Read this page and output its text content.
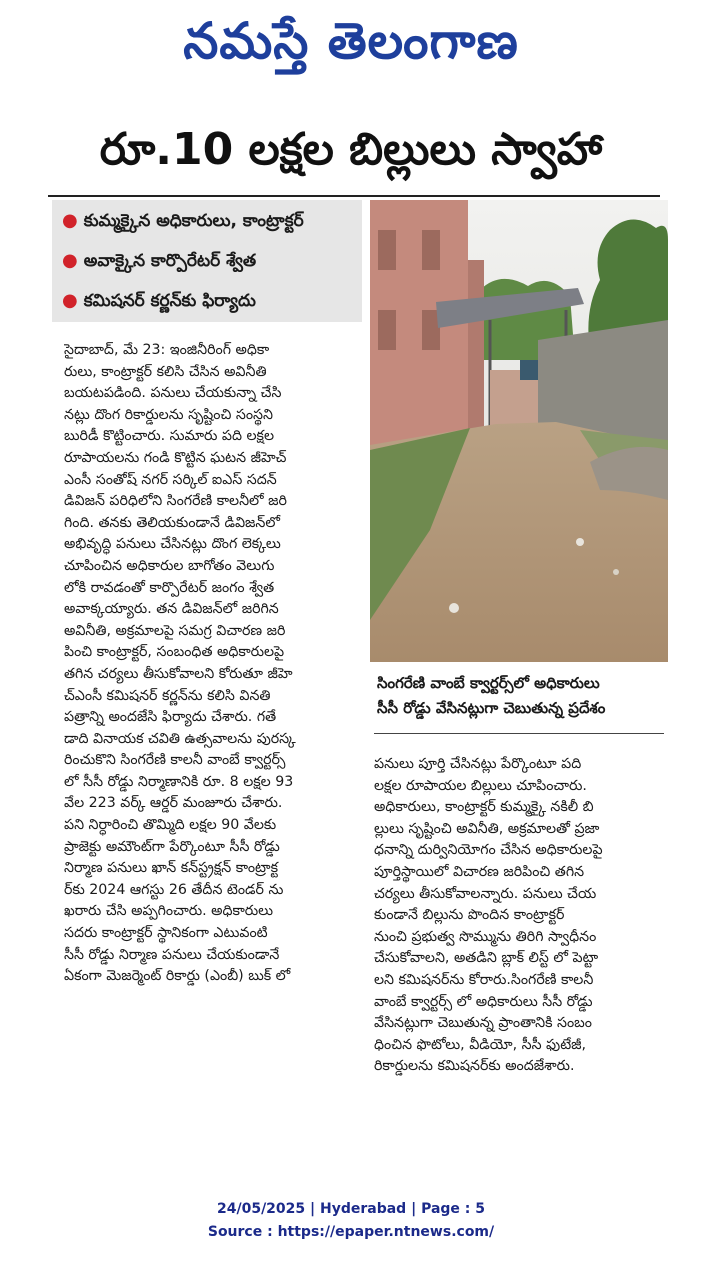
నమస్తే తెలంగాణ
రూ.10 లక్షల బిల్లులు స్వాహా
● కుమ్మక్కైన అధికారులు, కాంట్రాక్టర్
● అవాక్కైన కార్పొరేటర్ శ్వేత
● కమిషనర్ కర్ణన్‌కు ఫిర్యాదు
సింగరేణి వాంబే క్వార్టర్స్‌లో అధికారులు
సీసీ రోడ్డు వేసినట్లుగా చెబుతున్న ప్రదేశం
సైదాబాద్, మే 23: ఇంజినీరింగ్ అధికా
రులు, కాంట్రాక్టర్ కలిసి చేసిన అవినీతి
బయటపడింది. పనులు చేయకున్నా చేసి
నట్లు దొంగ రికార్డులను సృష్టించి సంస్థని
బురిడీ కొట్టించారు. సుమారు పది లక్షల
రూపాయలను గండి కొట్టిన ఘటన జీహెచ్
ఎంసీ సంతోష్ నగర్ సర్కిల్ ఐఎస్ సదన్
డివిజన్ పరిధిలోని సింగరేణి కాలనీలో జరి
గింది. తనకు తెలియకుండానే డివిజన్‌లో
అభివృద్ధి పనులు చేసినట్లు దొంగ లెక్కలు
చూపించిన అధికారుల బాగోతం వెలుగు
లోకి రావడంతో కార్పొరేటర్ జంగం శ్వేత
అవాక్కయ్యారు. తన డివిజన్‌లో జరిగిన
అవినీతి, అక్రమాలపై సమగ్ర విచారణ జరి
పించి కాంట్రాక్టర్, సంబంధిత అధికారులపై
తగిన చర్యలు తీసుకోవాలని కోరుతూ జీహె
చ్‌ఎంసీ కమిషనర్ కర్ణన్‌ను కలిసి వినతి
పత్రాన్ని అందజేసి ఫిర్యాదు చేశారు. గతే
డాది వినాయక చవితి ఉత్సవాలను పురస్క
రించుకొని సింగరేణి కాలనీ వాంబే క్వార్టర్స్
లో సీసీ రోడ్డు నిర్మాణానికి రూ. 8 లక్షల 93
వేల 223 వర్క్ ఆర్డర్ మంజూరు చేశారు.
పని నిర్ధారించి తొమ్మిది లక్షల 90 వేలకు
ప్రాజెక్టు అమౌంట్‌గా పేర్కొంటూ సీసీ రోడ్డు
నిర్మాణ పనులు ఖాన్ కన్‌స్ట్రక్షన్ కాంట్రాక్ట
ర్‌కు 2024 ఆగస్టు 26 తేదీన టెండర్ ను
ఖరారు చేసి అప్పగించారు. అధికారులు
సదరు కాంట్రాక్టర్ స్థానికంగా ఎటువంటి
సీసీ రోడ్డు నిర్మాణ పనులు చేయకుండానే
ఏకంగా మెజర్మెంట్ రికార్డు (ఎంబీ) బుక్ లో
పనులు పూర్తి చేసినట్లు పేర్కొంటూ పది
లక్షల రూపాయల బిల్లులు చూపించారు.
అధికారులు, కాంట్రాక్టర్ కుమ్మక్కై నకిలీ బి
ల్లులు సృష్టించి అవినీతి, అక్రమాలతో ప్రజా
ధనాన్ని దుర్వినియోగం చేసిన అధికారులపై
పూర్తిస్థాయిలో విచారణ జరిపించి తగిన
చర్యలు తీసుకోవాలన్నారు. పనులు చేయ
కుండానే బిల్లును పొందిన కాంట్రాక్టర్
నుంచి ప్రభుత్వ సొమ్మును తిరిగి స్వాధీనం
చేసుకోవాలని, అతడిని బ్లాక్ లిస్ట్ లో పెట్టా
లని కమిషనర్‌ను కోరారు.సింగరేణి కాలనీ
వాంబే క్వార్టర్స్ లో అధికారులు సీసీ రోడ్డు
వేసినట్లుగా చెబుతున్న ప్రాంతానికి సంబం
ధించిన ఫొటోలు, వీడియో, సీసీ ఫుటేజీ,
రికార్డులను కమిషనర్‌కు అందజేశారు.
24/05/2025 | Hyderabad | Page : 5
Source : https://epaper.ntnews.com/
